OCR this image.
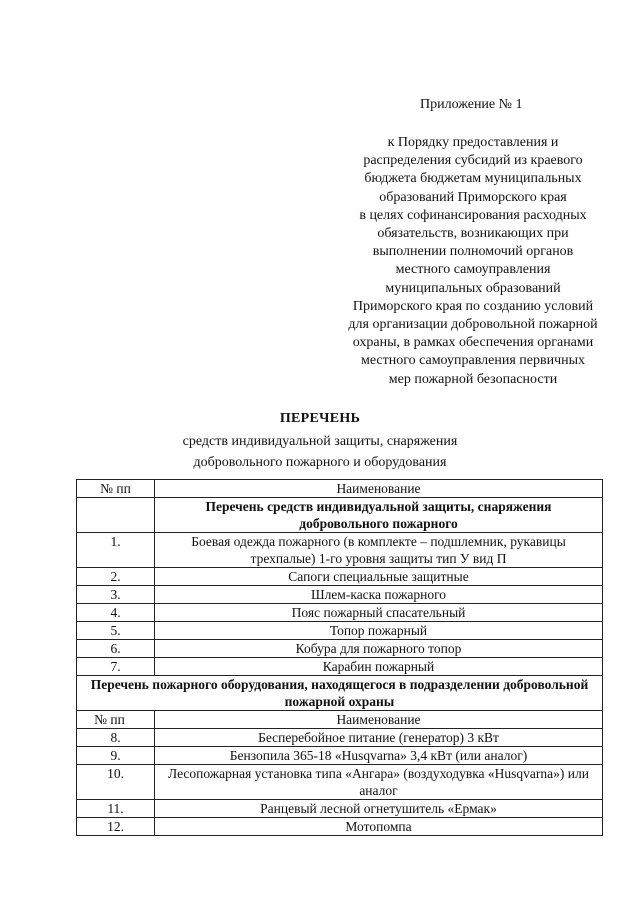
Приложение № 1
к Порядку предоставления и
распределения субсидий из краевого
бюджета бюджетам муниципальных
образований Приморского края
в целях софинансирования расходных
обязательств, возникающих при
выполнении полномочий органов
местного самоуправления
муниципальных образований
Приморского края по созданию условий
для организации добровольной пожарной
охраны, в рамках обеспечения органами
местного самоуправления первичных
мер пожарной безопасности
ПЕРЕЧЕНЬ
средств индивидуальной защиты, снаряжения
добровольного пожарного и оборудования
№ пп	Наименование
	Перечень средств индивидуальной защиты, снаряжения добровольного пожарного
1.	Боевая одежда пожарного (в комплекте – подшлемник, рукавицы трехпалые) 1-го уровня защиты тип У вид П
2.	Сапоги специальные защитные
3.	Шлем-каска пожарного
4.	Пояс пожарный спасательный
5.	Топор пожарный
6.	Кобура для пожарного топор
7.	Карабин пожарный
Перечень пожарного оборудования, находящегося в подразделении добровольной пожарной охраны
№ пп	Наименование
8.	Бесперебойное питание (генератор) 3 кВт
9.	Бензопила 365-18 «Husqvarna» 3,4 кВт (или аналог)
10.	Лесопожарная установка типа «Ангара» (воздуходувка «Husqvarna») или аналог
11.	Ранцевый лесной огнетушитель «Ермак»
12.	Мотопомпа
